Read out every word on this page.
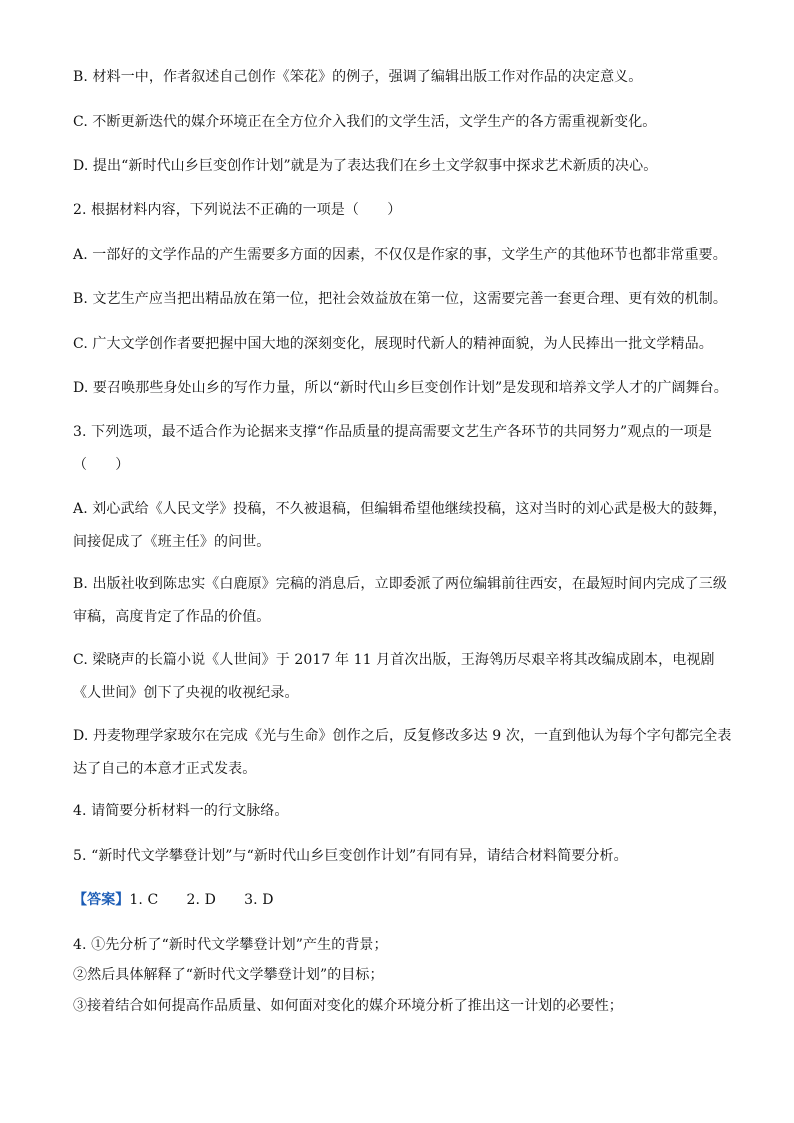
B. 材料一中，作者叙述自己创作《笨花》的例子，强调了编辑出版工作对作品的决定意义。
C. 不断更新迭代的媒介环境正在全方位介入我们的文学生活，文学生产的各方需重视新变化。
D. 提出“新时代山乡巨变创作计划”就是为了表达我们在乡土文学叙事中探求艺术新质的决心。
2. 根据材料内容，下列说法不正确的一项是（　　）
A. 一部好的文学作品的产生需要多方面的因素，不仅仅是作家的事，文学生产的其他环节也都非常重要。
B. 文艺生产应当把出精品放在第一位，把社会效益放在第一位，这需要完善一套更合理、更有效的机制。
C. 广大文学创作者要把握中国大地的深刻变化，展现时代新人的精神面貌，为人民捧出一批文学精品。
D. 要召唤那些身处山乡的写作力量，所以“新时代山乡巨变创作计划”是发现和培养文学人才的广阔舞台。
3. 下列选项，最不适合作为论据来支撑“作品质量的提高需要文艺生产各环节的共同努力”观点的一项是（　　）
A. 刘心武给《人民文学》投稿，不久被退稿，但编辑希望他继续投稿，这对当时的刘心武是极大的鼓舞，间接促成了《班主任》的问世。
B. 出版社收到陈忠实《白鹿原》完稿的消息后，立即委派了两位编辑前往西安，在最短时间内完成了三级审稿，高度肯定了作品的价值。
C. 梁晓声的长篇小说《人世间》于 2017 年 11 月首次出版，王海鸰历尽艰辛将其改编成剧本，电视剧《人世间》创下了央视的收视纪录。
D. 丹麦物理学家玻尔在完成《光与生命》创作之后，反复修改多达 9 次，一直到他认为每个字句都完全表达了自己的本意才正式发表。
4. 请简要分析材料一的行文脉络。
5. “新时代文学攀登计划”与“新时代山乡巨变创作计划”有同有异，请结合材料简要分析。
【答案】1. C　　2. D　　3. D
4. ①先分析了“新时代文学攀登计划”产生的背景；
②然后具体解释了“新时代文学攀登计划”的目标；
③接着结合如何提高作品质量、如何面对变化的媒介环境分析了推出这一计划的必要性；
